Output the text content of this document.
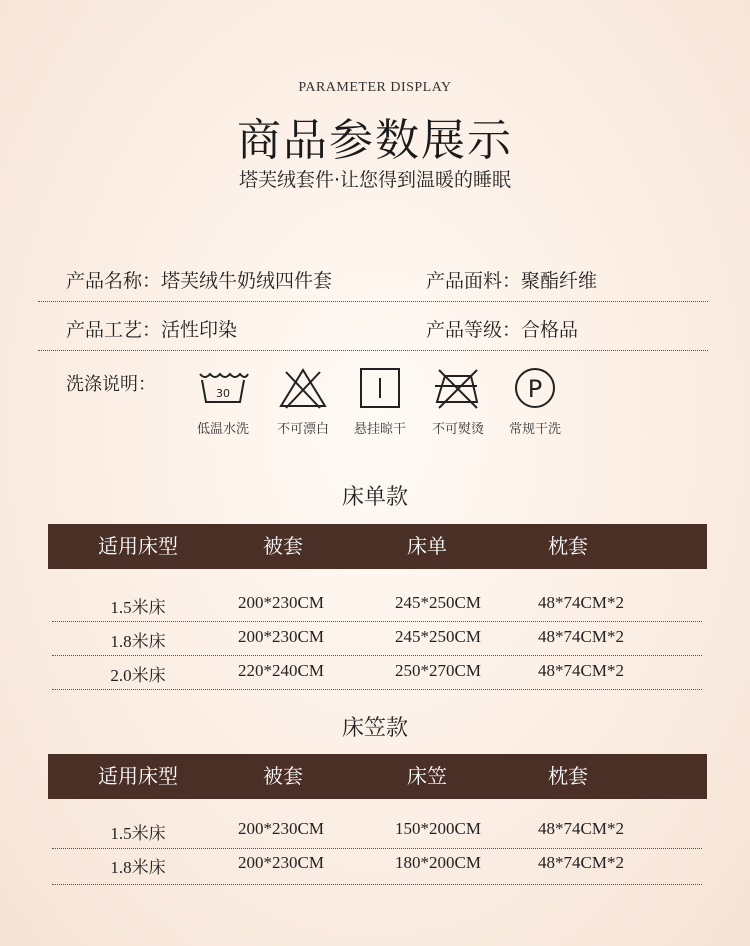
PARAMETER DISPLAY
商品参数展示
塔芙绒套件·让您得到温暖的睡眠
产品名称：塔芙绒牛奶绒四件套	产品面料：聚酯纤维
产品工艺：活性印染	产品等级：合格品
洗涤说明：	30	P
低温水洗	不可漂白	悬挂晾干	不可熨烫	常规干洗
床单款
适用床型	被套	床单	枕套
1.5米床	200*230CM	245*250CM	48*74CM*2
1.8米床	200*230CM	245*250CM	48*74CM*2
2.0米床	220*240CM	250*270CM	48*74CM*2
床笠款
适用床型	被套	床笠	枕套
1.5米床	200*230CM	150*200CM	48*74CM*2
1.8米床	200*230CM	180*200CM	48*74CM*2
